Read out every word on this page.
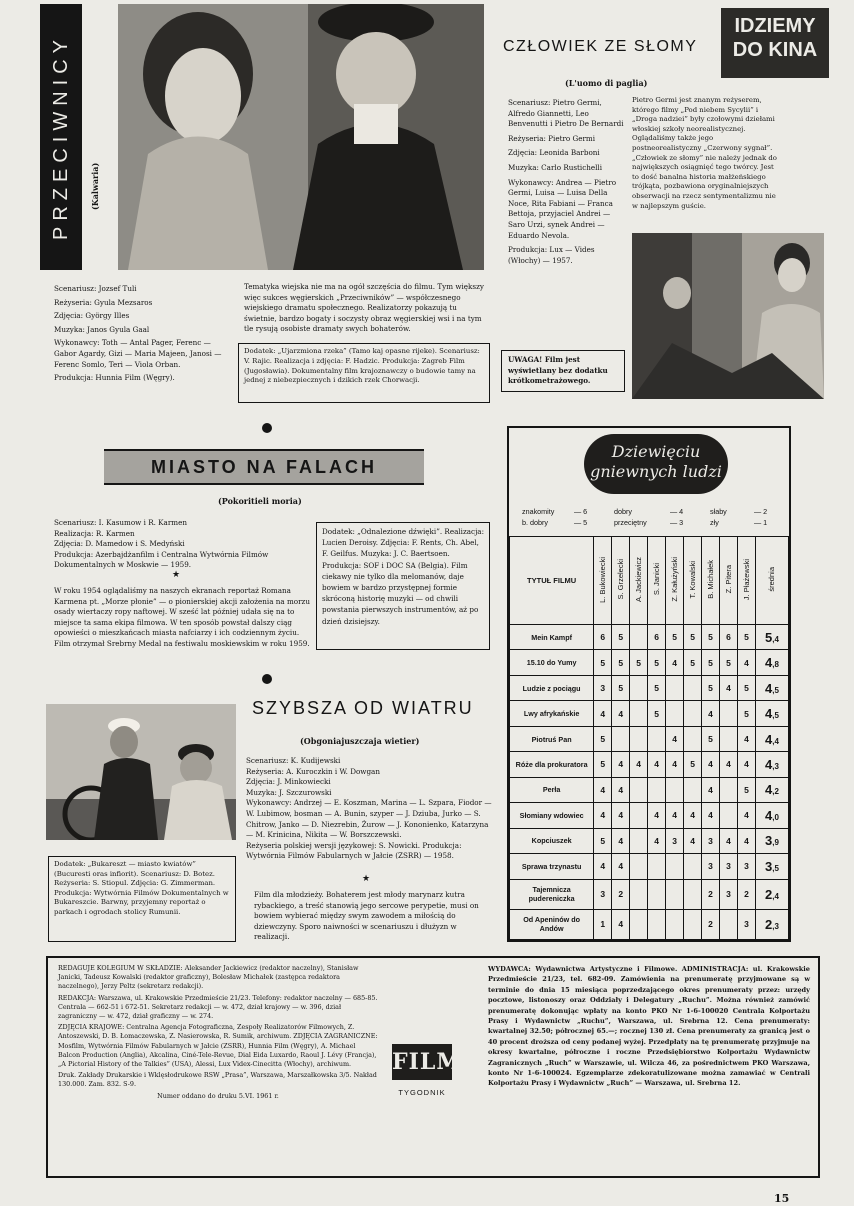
PRZECIWNICY	(Kalwaria)

Scenariusz: Jozsef Tuli

Reżyseria: Gyula Mezsaros

Zdjęcia: György Illes

Muzyka: Janos Gyula Gaal

Wykonawcy: Toth — Antal Pager, Ferenc — Gabor Agardy, Gizi — Maria Majeen, Janosi — Ferenc Somlo, Teri — Viola Orban.

Produkcja: Hunnia Film (Węgry).

Tematyka wiejska nie ma na ogół szczęścia do filmu. Tym większy więc sukces węgierskich „Przeciwników” — współczesnego wiejskiego dramatu społecznego. Realizatorzy pokazują tu świetnie, bardzo bogaty i soczysty obraz węgierskiej wsi i na tym tle rysują osobiste dramaty swych bohaterów.
Dodatek: „Ujarzmiona rzeka” (Tamo kaj opasne rijeke). Scenariusz: V. Rajic. Realizacja i zdjęcia: F. Hadzic. Produkcja: Zagreb Film (Jugosławia). Dokumentalny film krajoznawczy o budowie tamy na jednej z niebezpiecznych i dzikich rzek Chorwacji.
CZŁOWIEK ZE SŁOMY
IDZIEMY
DO KINA
(L'uomo di paglia)

Scenariusz: Pietro Germi, Alfredo Giannetti, Leo Benvenutti i Pietro De Bernardi

Reżyseria: Pietro Germi

Zdjęcia: Leonida Barboni

Muzyka: Carlo Rustichelli

Wykonawcy: Andrea — Pietro Germi, Luisa — Luisa Della Noce, Rita Fabiani — Franca Bettoja, przyjaciel Andrei — Saro Urzi, synek Andrei — Eduardo Nevola.

Produkcja: Lux — Vides (Włochy) — 1957.

Pietro Germi jest znanym reżyserem, którego filmy „Pod niebem Sycylii” i „Droga nadziei” były czołowymi dziełami włoskiej szkoły neorealistycznej. Oglądaliśmy także jego postneorealistyczny „Czerwony sygnał”. „Człowiek ze słomy” nie należy jednak do największych osiągnięć tego twórcy. Jest to dość banalna historia małżeńskiego trójkąta, pozbawiona oryginalniejszych obserwacji na rzecz sentymentalizmu nie w najlepszym guście.
UWAGA! Film jest wyświetlany bez dodatku krótkometrażowego.
MIASTO NA FALACH
(Pokoritieli moria)

Scenariusz: I. Kasumow i R. Karmen

Realizacja: R. Karmen

Zdjęcia: D. Mamedow i S. Medyński

Produkcja: Azerbajdżanfilm i Centralna Wytwórnia Filmów Dokumentalnych w Moskwie — 1959.

★
W roku 1954 oglądaliśmy na naszych ekranach reportaż Romana Karmena pt. „Morze płonie” — o pionierskiej akcji założenia na morzu osady wiertaczy ropy naftowej. W sześć lat później udała się na to miejsce ta sama ekipa filmowa. W ten sposób powstał dalszy ciąg opowieści o mieszkańcach miasta nafciarzy i ich codziennym życiu. Film otrzymał Srebrny Medal na festiwalu moskiewskim w roku 1959.
Dodatek: „Odnalezione dźwięki”. Realizacja: Lucien Deroisy. Zdjęcia: F. Rents, Ch. Abel, F. Geilfus. Muzyka: J. C. Baertsoen. Produkcja: SOF i DOC SA (Belgia). Film ciekawy nie tylko dla melomanów, daje bowiem w bardzo przystępnej formie skróconą historię muzyki — od chwili powstania pierwszych instrumentów, aż po dzień dzisiejszy.
SZYBSZA OD WIATRU
(Obgoniajuszczaja wietier)

Scenariusz: K. Kudijewski

Reżyseria: A. Kuroczkin i W. Dowgan

Zdjęcia: J. Minkowiecki

Muzyka: J. Szczurowski

Wykonawcy: Andrzej — E. Koszman, Marina — L. Szpara, Fiodor — W. Lubimow, bosman — A. Bunin, szyper — J. Dziuba, Jurko — S. Chitrow, Janko — D. Niezrebin, Żurow — J. Kononienko, Katarzyna — M. Krinicina, Nikita — W. Borszczewski.

Reżyseria polskiej wersji językowej: S. Nowicki. Produkcja: Wytwórnia Filmów Fabularnych w Jałcie (ZSRR) — 1958.

★
Film dla młodzieży. Bohaterem jest młody marynarz kutra rybackiego, a treść stanowią jego sercowe perypetie, musi on bowiem wybierać między swym zawodem a miłością do dziewczyny. Sporo naiwności w scenariuszu i dłużyzn w realizacji.
Dodatek: „Bukareszt — miasto kwiatów” (Bucuresti oras infiorit). Scenariusz: D. Botez. Reżyseria: S. Stiopul. Zdjęcia: G. Zimmerman. Produkcja: Wytwórnia Filmów Dokumentalnych w Bukareszcie. Barwny, przyjemny reportaż o parkach i ogrodach stolicy Rumunii.
Dziewięciu
gniewnych ludzi
znakomity	— 6	dobry	— 4	słaby	— 2
b. dobry	— 5	przeciętny	— 3	zły	— 1
TYTUŁ FILMU	L. Bukowiecki	S. Grzelecki	A. Jackiewicz	S. Janicki	Z. Kałużyński	T. Kowalski	B. Michałek	Z. Pitera	J. Płażewski	średnia
Mein Kampf	6	5		6	5	5	5	6	5	5,4
15.10 do Yumy	5	5	5	5	4	5	5	5	4	4,8
Ludzie z pociągu	3	5		5			5	4	5	4,5
Lwy afrykańskie	4	4		5			4		5	4,5
Piotruś Pan	5				4		5		4	4,4
Róże dla prokuratora	5	4	4	4	4	5	4	4	4	4,3
Perła	4	4					4		5	4,2
Słomiany wdowiec	4	4		4	4	4	4		4	4,0
Kopciuszek	5	4		4	3	4	3	4	4	3,9
Sprawa trzynastu	4	4					3	3	3	3,5
Tajemnicza pudereniczka	3	2					2	3	2	2,4
Od Apeninów do Andów	1	4					2		3	2,3

REDAGUJE KOLEGIUM W SKŁADZIE: Aleksander Jackiewicz (redaktor naczelny), Stanisław Janicki, Tadeusz Kowalski (redaktor graficzny), Bolesław Michałek (zastępca redaktora naczelnego), Jerzy Peltz (sekretarz redakcji).

REDAKCJA: Warszawa, ul. Krakowskie Przedmieście 21/23. Telefony: redaktor naczelny — 685-85. Centrala — 662-51 i 672-51. Sekretarz redakcji — w. 472, dział krajowy — w. 396, dział zagraniczny — w. 472, dział graficzny — w. 274.

ZDJĘCIA KRAJOWE: Centralna Agencja Fotograficzna, Zespoły Realizatorów Filmowych, Z. Antoszewski, D. B. Łomaczewska, Z. Nasierowska, R. Sumik, archiwum. ZDJĘCIA ZAGRANICZNE: Mosfilm, Wytwórnia Filmów Fabularnych w Jałcie (ZSRR), Hunnia Film (Węgry), A. Michael Balcon Production (Anglia), Akcalina, Ciné-Tele-Revue, Dial Eida Luxardo, Raoul J. Lévy (Francja), „A Pictorial History of the Talkies” (USA), Alessi, Lux Videx-Cinecitta (Włochy), archiwum.

Druk. Zakłady Drukarskie i Wklęsłodrukowe RSW „Prasa”, Warszawa, Marszałkowska 3/5. Nakład 130.000. Zam. 832. S-9.

Numer oddano do druku 5.VI. 1961 r.

FILM
TYGODNIK
WYDAWCA: Wydawnictwa Artystyczne i Filmowe. ADMINISTRACJA: ul. Krakowskie Przedmieście 21/23, tel. 682-09. Zamówienia na prenumeratę przyjmowane są w terminie do dnia 15 miesiąca poprzedzającego okres prenumeraty przez: urzędy pocztowe, listonoszy oraz Oddziały i Delegatury „Ruchu”. Można również zamówić prenumeratę dokonując wpłaty na konto PKO Nr 1-6-100020 Centrala Kolportażu Prasy i Wydawnictw „Ruchu”, Warszawa, ul. Srebrna 12. Cena prenumeraty: kwartalnej 32.50; półrocznej 65.—; rocznej 130 zł. Cena prenumeraty za granicą jest o 40 procent droższa od ceny podanej wyżej. Przedpłaty na tę prenumeratę przyjmuje na okresy kwartalne, półroczne i roczne Przedsiębiorstwo Kolportażu Wydawnictw Zagranicznych „Ruch” w Warszawie, ul. Wilcza 46, za pośrednictwem PKO Warszawa, konto Nr 1-6-100024. Egzemplarze zdekoratulizowane można zamawiać w Centrali Kolportażu Prasy i Wydawnictw „Ruch” — Warszawa, ul. Srebrna 12.
15
